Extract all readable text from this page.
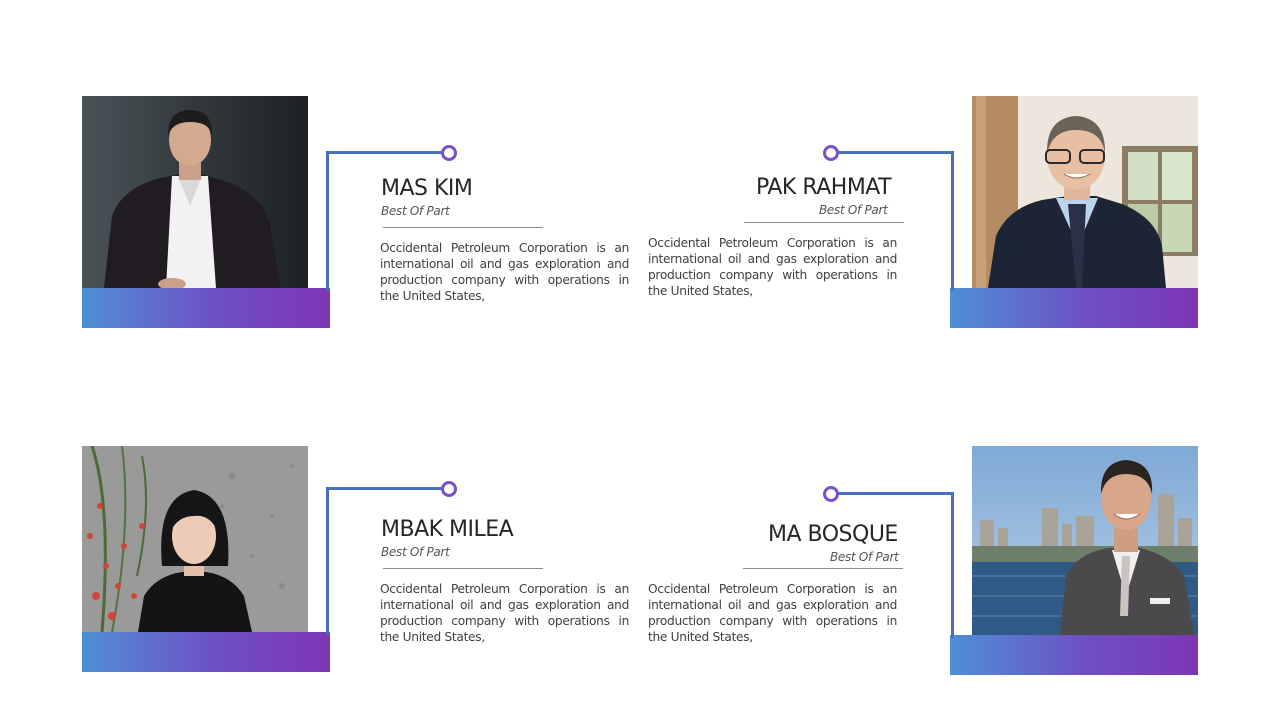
MAS KIM
Best Of Part

Occidental Petroleum Corporation is an international oil and gas exploration and production company with operations in the United States,

PAK RAHMAT
Best Of Part

Occidental Petroleum Corporation is an international oil and gas exploration and production company with operations in the United States,

MBAK MILEA
Best Of Part

Occidental Petroleum Corporation is an international oil and gas exploration and production company with operations in the United States,

MA BOSQUE
Best Of Part

Occidental Petroleum Corporation is an international oil and gas exploration and production company with operations in the United States,
